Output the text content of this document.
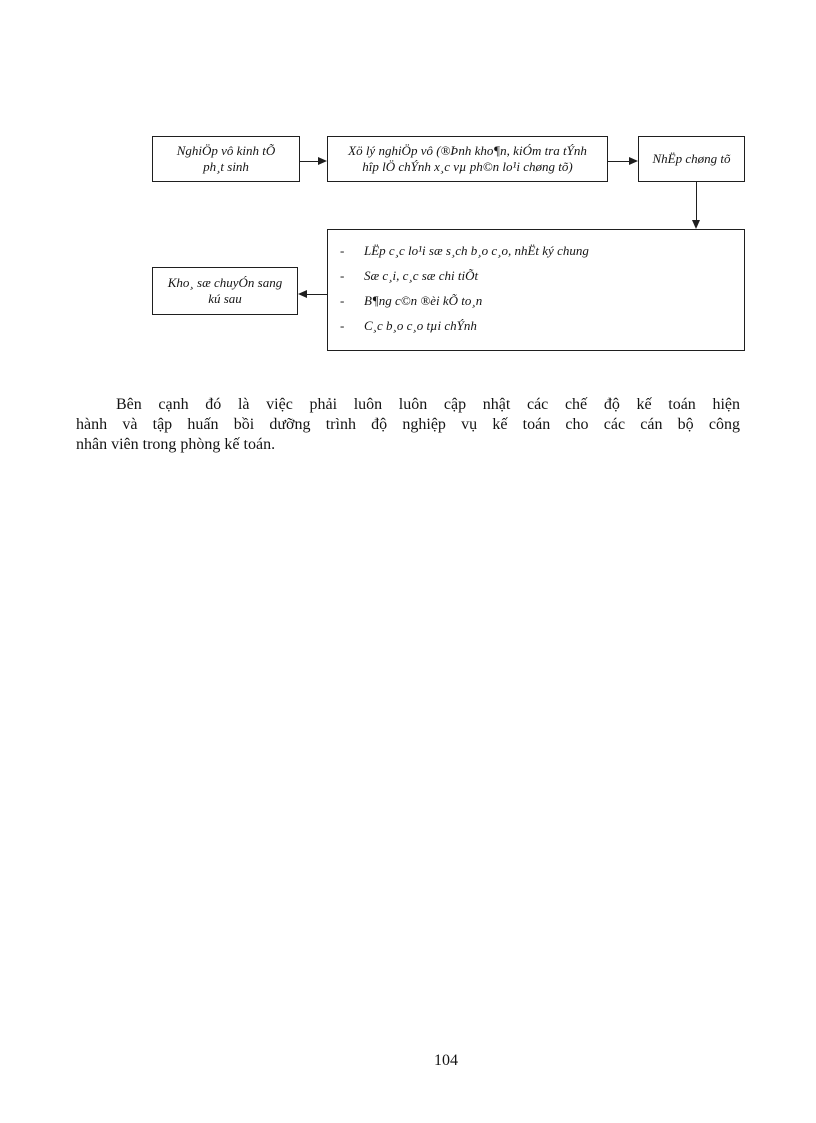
NghiÖp vô kinh tÕ
ph¸t sinh
Xö lý nghiÖp vô (®Þnh kho¶n, kiÓm tra tÝnh
hîp lÖ chÝnh x¸c vµ ph©n lo¹i chøng tõ)
NhËp chøng tõ
-	LËp c¸c lo¹i sæ s¸ch b¸o c¸o, nhËt ký chung
-	Sæ c¸i, c¸c sæ chi tiÕt
-	B¶ng c©n ®èi kÕ to¸n
-	C¸c b¸o c¸o tµi chÝnh
Kho¸ sæ chuyÓn sang
kú sau
Bên cạnh đó là việc phải luôn luôn cập nhật các chế độ kế toán hiện
hành và tập huấn bồi dưỡng trình độ nghiệp vụ kế toán cho các cán bộ công
nhân viên trong phòng kế toán.
104
